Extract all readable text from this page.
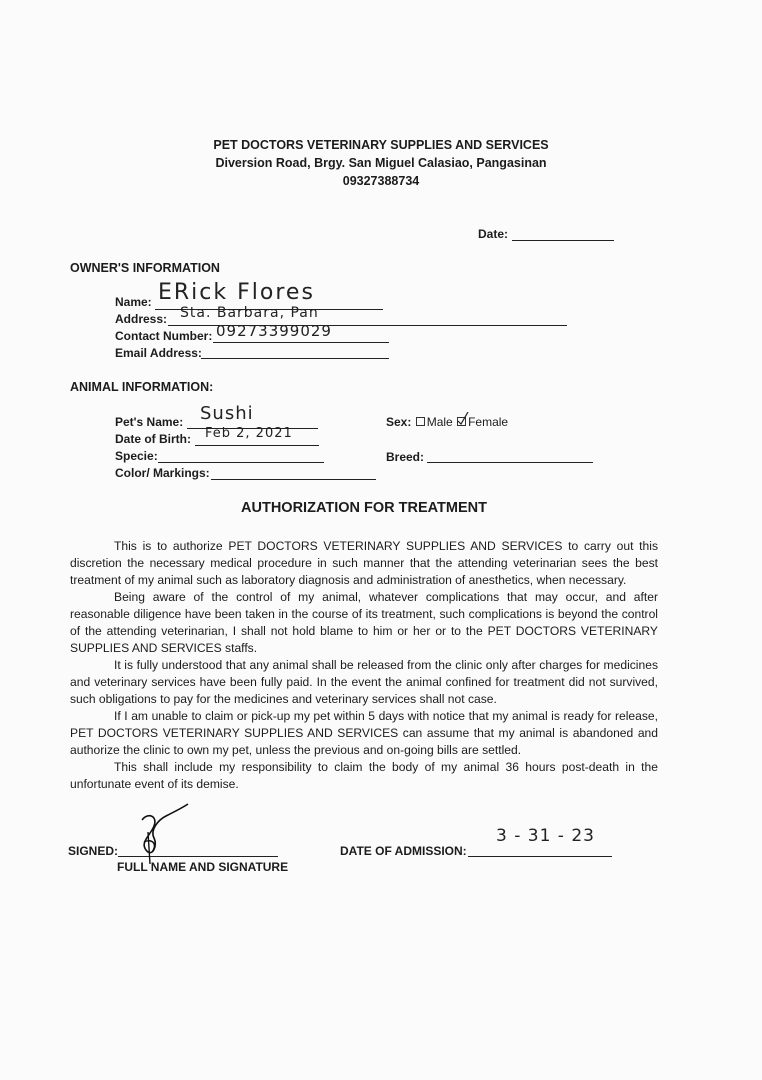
PET DOCTORS VETERINARY SUPPLIES AND SERVICES
Diversion Road, Brgy. San Miguel Calasiao, Pangasinan
09327388734
Date:
OWNER'S INFORMATION
Name: ERick Flores
Address: Sta. Barbara, Pan
Contact Number: 09273399029
Email Address:
ANIMAL INFORMATION:
Pet's Name: Sushi
Date of Birth: Feb 2, 2021
Specie:
Color/ Markings:
Sex: Male Female
Breed:
AUTHORIZATION FOR TREATMENT

This is to authorize PET DOCTORS VETERINARY SUPPLIES AND SERVICES to carry out this discretion the necessary medical procedure in such manner that the attending veterinarian sees the best treatment of my animal such as laboratory diagnosis and administration of anesthetics, when necessary.

Being aware of the control of my animal, whatever complications that may occur, and after reasonable diligence have been taken in the course of its treatment, such complications is beyond the control of the attending veterinarian, I shall not hold blame to him or her or to the PET DOCTORS VETERINARY SUPPLIES AND SERVICES staffs.

It is fully understood that any animal shall be released from the clinic only after charges for medicines and veterinary services have been fully paid. In the event the animal confined for treatment did not survived, such obligations to pay for the medicines and veterinary services shall not case.

If I am unable to claim or pick-up my pet within 5 days with notice that my animal is ready for release, PET DOCTORS VETERINARY SUPPLIES AND SERVICES can assume that my animal is abandoned and authorize the clinic to own my pet, unless the previous and on-going bills are settled.

This shall include my responsibility to claim the body of my animal 36 hours post-death in the unfortunate event of its demise.

SIGNED:
FULL NAME AND SIGNATURE
DATE OF ADMISSION:
3 - 31 - 23
